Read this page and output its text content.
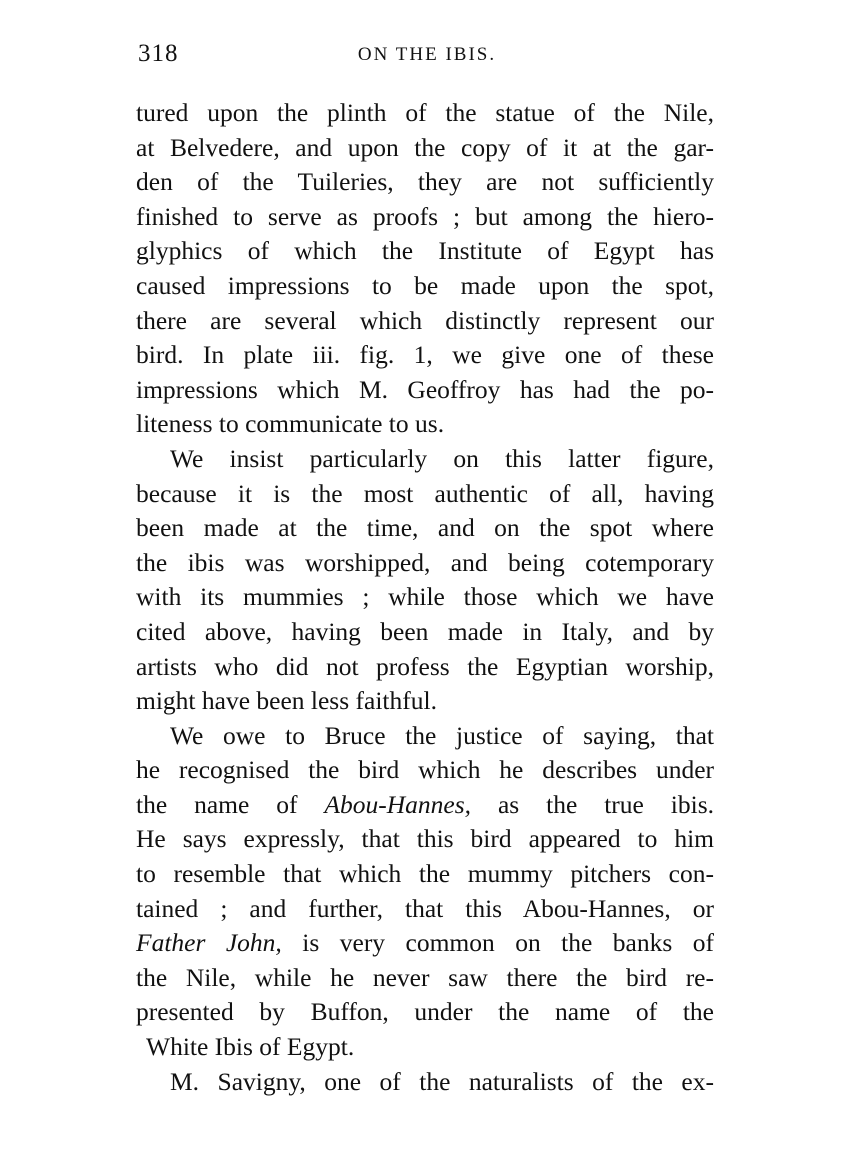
318	ON THE IBIS.
tured upon the plinth of the statue of the Nile,
at Belvedere, and upon the copy of it at the gar-
den of the Tuileries, they are not sufficiently
finished to serve as proofs ; but among the hiero-
glyphics of which the Institute of Egypt has
caused impressions to be made upon the spot,
there are several which distinctly represent our
bird. In plate iii. fig. 1, we give one of these
impressions which M. Geoffroy has had the po-
liteness to communicate to us.
We insist particularly on this latter figure,
because it is the most authentic of all, having
been made at the time, and on the spot where
the ibis was worshipped, and being cotemporary
with its mummies ; while those which we have
cited above, having been made in Italy, and by
artists who did not profess the Egyptian worship,
might have been less faithful.
We owe to Bruce the justice of saying, that
he recognised the bird which he describes under
the name of Abou-Hannes, as the true ibis.
He says expressly, that this bird appeared to him
to resemble that which the mummy pitchers con-
tained ; and further, that this Abou-Hannes, or
Father John, is very common on the banks of
the Nile, while he never saw there the bird re-
presented by Buffon, under the name of the
White Ibis of Egypt.
M. Savigny, one of the naturalists of the ex-
